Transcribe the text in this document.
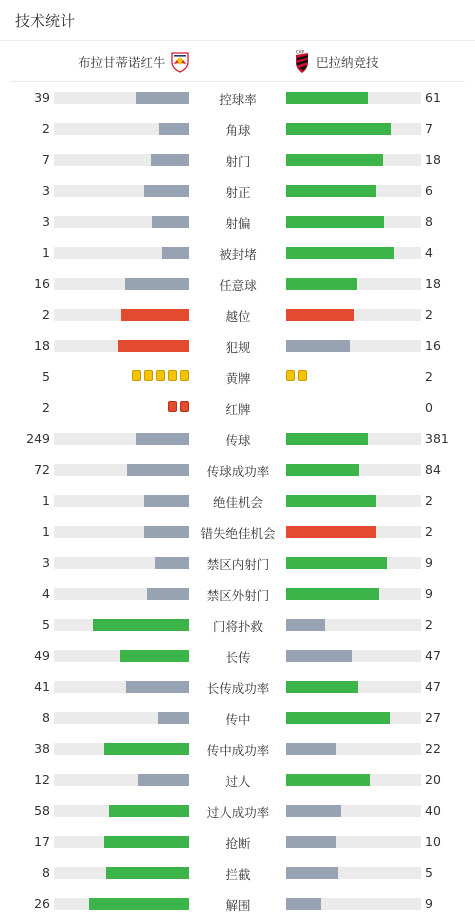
技术统计
布拉甘蒂诺红牛
CAP
巴拉纳竞技
39	控球率	61
2	角球	7
7	射门	18
3	射正	6
3	射偏	8
1	被封堵	4
16	任意球	18
2	越位	2
18	犯规	16
5	黄牌	2
2	红牌	0
249	传球	381
72	传球成功率	84
1	绝佳机会	2
1	错失绝佳机会	2
3	禁区内射门	9
4	禁区外射门	9
5	门将扑救	2
49	长传	47
41	长传成功率	47
8	传中	27
38	传中成功率	22
12	过人	20
58	过人成功率	40
17	抢断	10
8	拦截	5
26	解围	9
